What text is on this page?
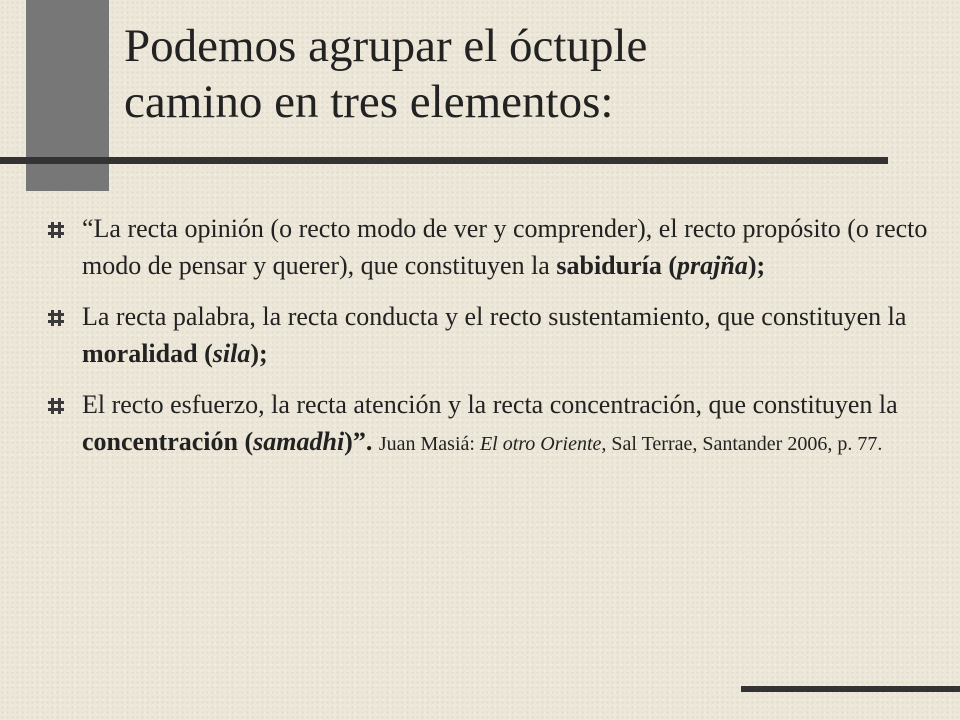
Podemos agrupar el óctuple
camino en tres elementos:
“La recta opinión (o recto modo de ver y comprender), el recto propósito (o recto modo de pensar y querer), que constituyen la sabiduría (prajña);
La recta palabra, la recta conducta y el recto sustentamiento, que constituyen la moralidad (sila);
El recto esfuerzo, la recta atención y la recta concentración, que constituyen la concentración (samadhi)”. Juan Masiá: El otro Oriente, Sal Terrae, Santander 2006, p. 77.
